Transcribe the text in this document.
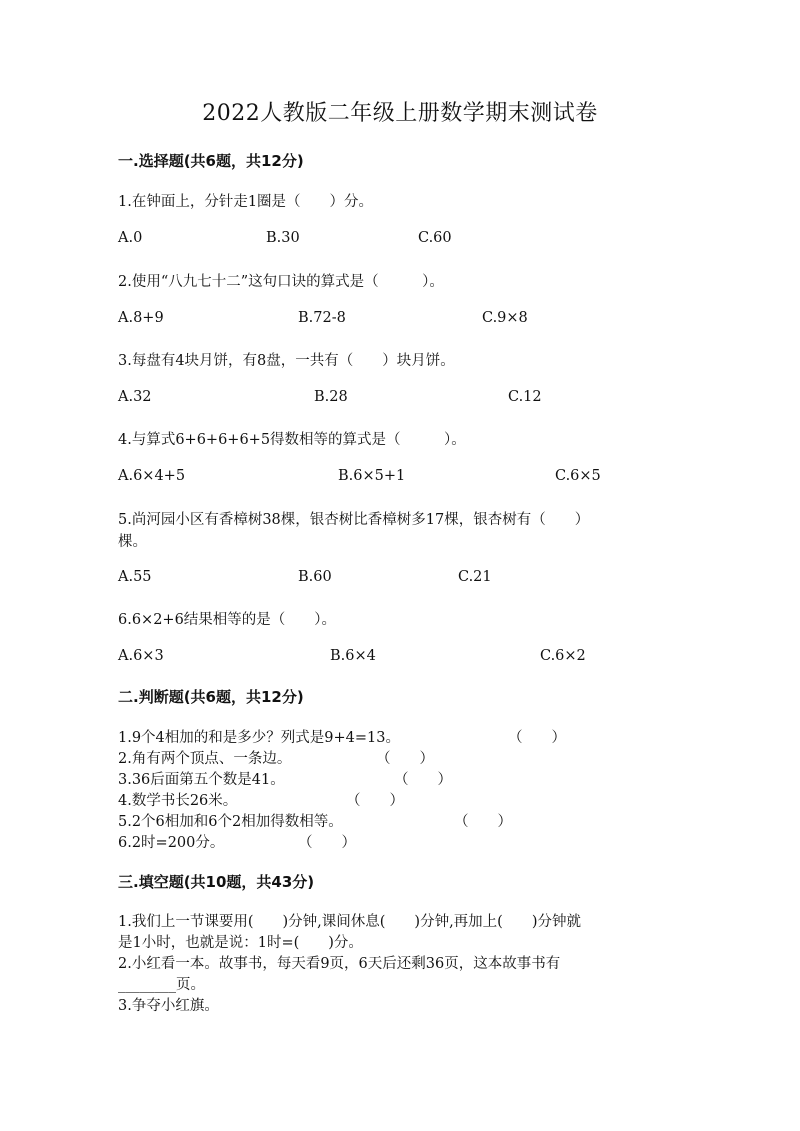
2022人教版二年级上册数学期末测试卷
一.选择题(共6题，共12分)
1.在钟面上，分针走1圈是（　　）分。
A.0	B.30	C.60
2.使用“八九七十二”这句口诀的算式是（　　　）。
A.8+9	B.72-8	C.9×8
3.每盘有4块月饼，有8盘，一共有（　　）块月饼。
A.32	B.28	C.12
4.与算式6+6+6+6+5得数相等的算式是（　　　）。
A.6×4+5	B.6×5+1	C.6×5
5.尚河园小区有香樟树38棵，银杏树比香樟树多17棵，银杏树有（　　）
棵。
A.55	B.60	C.21
6.6×2+6结果相等的是（　　）。
A.6×3	B.6×4	C.6×2
二.判断题(共6题，共12分)
1.9个4相加的和是多少？列式是9+4=13。	（　　）
2.角有两个顶点、一条边。	（　　）
3.36后面第五个数是41。	（　　）
4.数学书长26米。	（　　）
5.2个6相加和6个2相加得数相等。	（　　）
6.2时=200分。	（　　）
三.填空题(共10题，共43分)
1.我们上一节课要用(　　)分钟,课间休息(　　)分钟,再加上(　　)分钟就
是1小时，也就是说：1时=(　　)分。
2.小红看一本。故事书，每天看9页，6天后还剩36页，这本故事书有
________页。
3.争夺小红旗。
